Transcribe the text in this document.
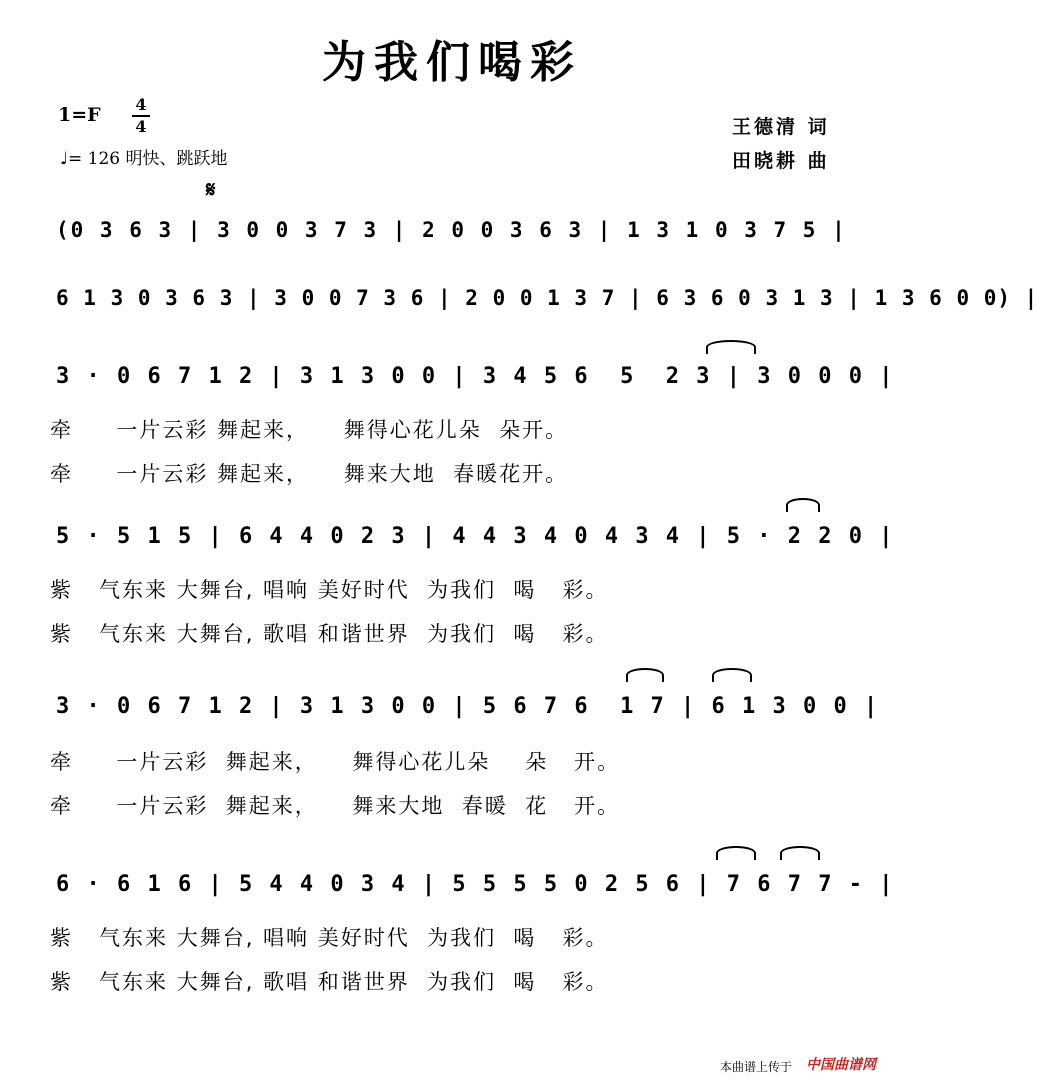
为我们喝彩
1=F 4
4
♩= 126 明快、跳跃地
王德清 词
田晓耕 曲
𝄋
(0 3 6 3 | 3 0 0 3 7 3 | 2 0 0 3 6 3 | 1 3 1 0 3 7 5 |
6 1 3 0 3 6 3 | 3 0 0 7 3 6 | 2 0 0 1 3 7 | 6 3 6 0 3 1 3 | 1 3 6 0 0) |
3 · 0 6 7 1 2 | 3 1 3 0 0 | 3 4 5 6  5  2 3 | 3 0 0 0 |
牵     一片云彩 舞起来，    舞得心花儿朵  朵开。
牵     一片云彩 舞起来，    舞来大地  春暖花开。
5 · 5 1 5 | 6 4 4 0 2 3 | 4 4 3 4 0 4 3 4 | 5 · 2 2 0 |
紫   气东来 大舞台, 唱响 美好时代  为我们  喝   彩。
紫   气东来 大舞台, 歌唱 和谐世界  为我们  喝   彩。
3 · 0 6 7 1 2 | 3 1 3 0 0 | 5 6 7 6  1 7 | 6 1 3 0 0 |
牵     一片云彩  舞起来，    舞得心花儿朵    朵   开。
牵     一片云彩  舞起来，    舞来大地  春暖  花   开。
6 · 6 1 6 | 5 4 4 0 3 4 | 5 5 5 5 0 2 5 6 | 7 6 7 7 - |
紫   气东来 大舞台, 唱响 美好时代  为我们  喝   彩。
紫   气东来 大舞台, 歌唱 和谐世界  为我们  喝   彩。
本曲谱上传于 中国曲谱网
